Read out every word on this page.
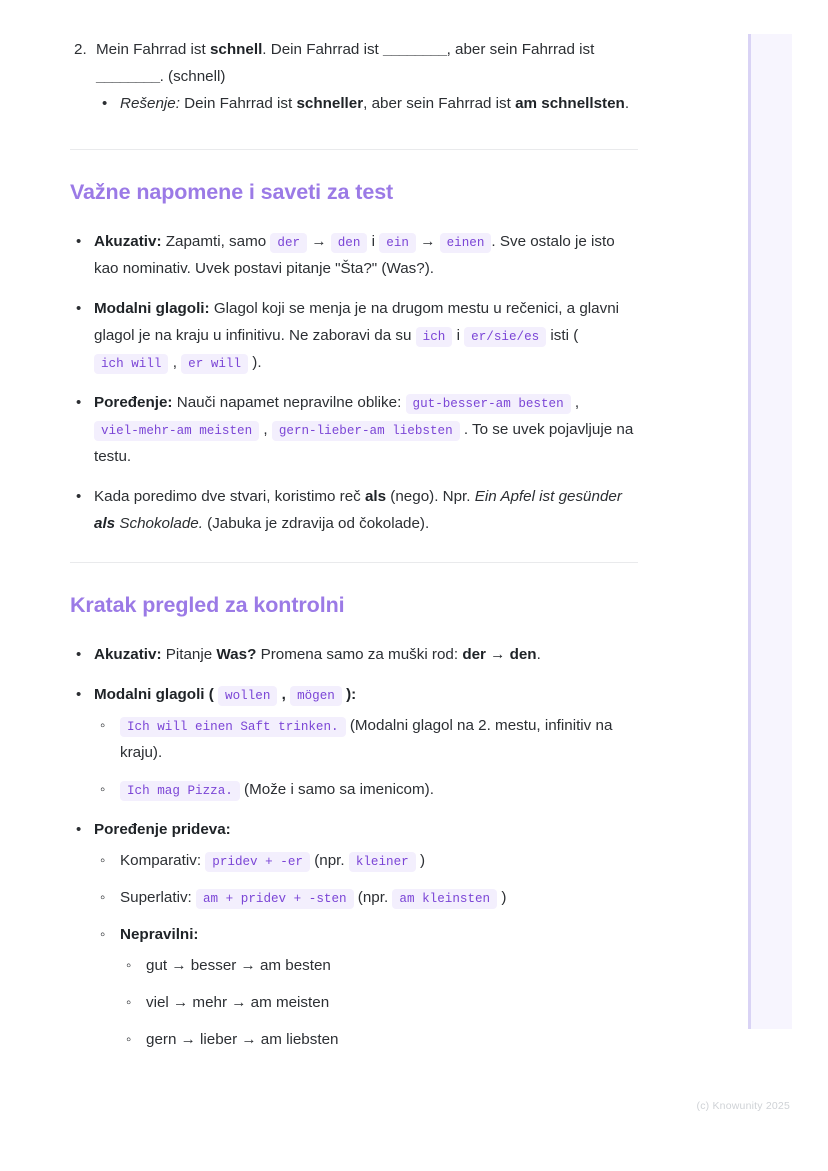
2. Mein Fahrrad ist schnell. Dein Fahrrad ist ________, aber sein Fahrrad ist ________. (schnell)
• Rešenje: Dein Fahrrad ist schneller, aber sein Fahrrad ist am schnellsten.
Važne napomene i saveti za test
• Akuzativ: Zapamti, samo der → den i ein → einen . Sve ostalo je isto kao nominativ. Uvek postavi pitanje "Šta?" (Was?).
• Modalni glagoli: Glagol koji se menja je na drugom mestu u rečenici, a glavni glagol je na kraju u infinitivu. Ne zaboravi da su ich i er/sie/es isti ( ich will , er will ).
• Poređenje: Nauči napamet nepravilne oblike: gut-besser-am besten , viel-mehr-am meisten , gern-lieber-am liebsten . To se uvek pojavljuje na testu.
• Kada poredimo dve stvari, koristimo reč als (nego). Npr. Ein Apfel ist gesünder als Schokolade. (Jabuka je zdravija od čokolade).
Kratak pregled za kontrolni
• Akuzativ: Pitanje Was? Promena samo za muški rod: der → den.
• Modalni glagoli ( wollen , mögen ):
◦ Ich will einen Saft trinken. (Modalni glagol na 2. mestu, infinitiv na kraju).
◦ Ich mag Pizza. (Može i samo sa imenicom).
• Poređenje prideva:
◦ Komparativ: pridev + -er (npr. kleiner )
◦ Superlativ: am + pridev + -sten (npr. am kleinsten )
◦ Nepravilni:
◦ gut → besser → am besten
◦ viel → mehr → am meisten
◦ gern → lieber → am liebsten
(c) Knowunity 2025
